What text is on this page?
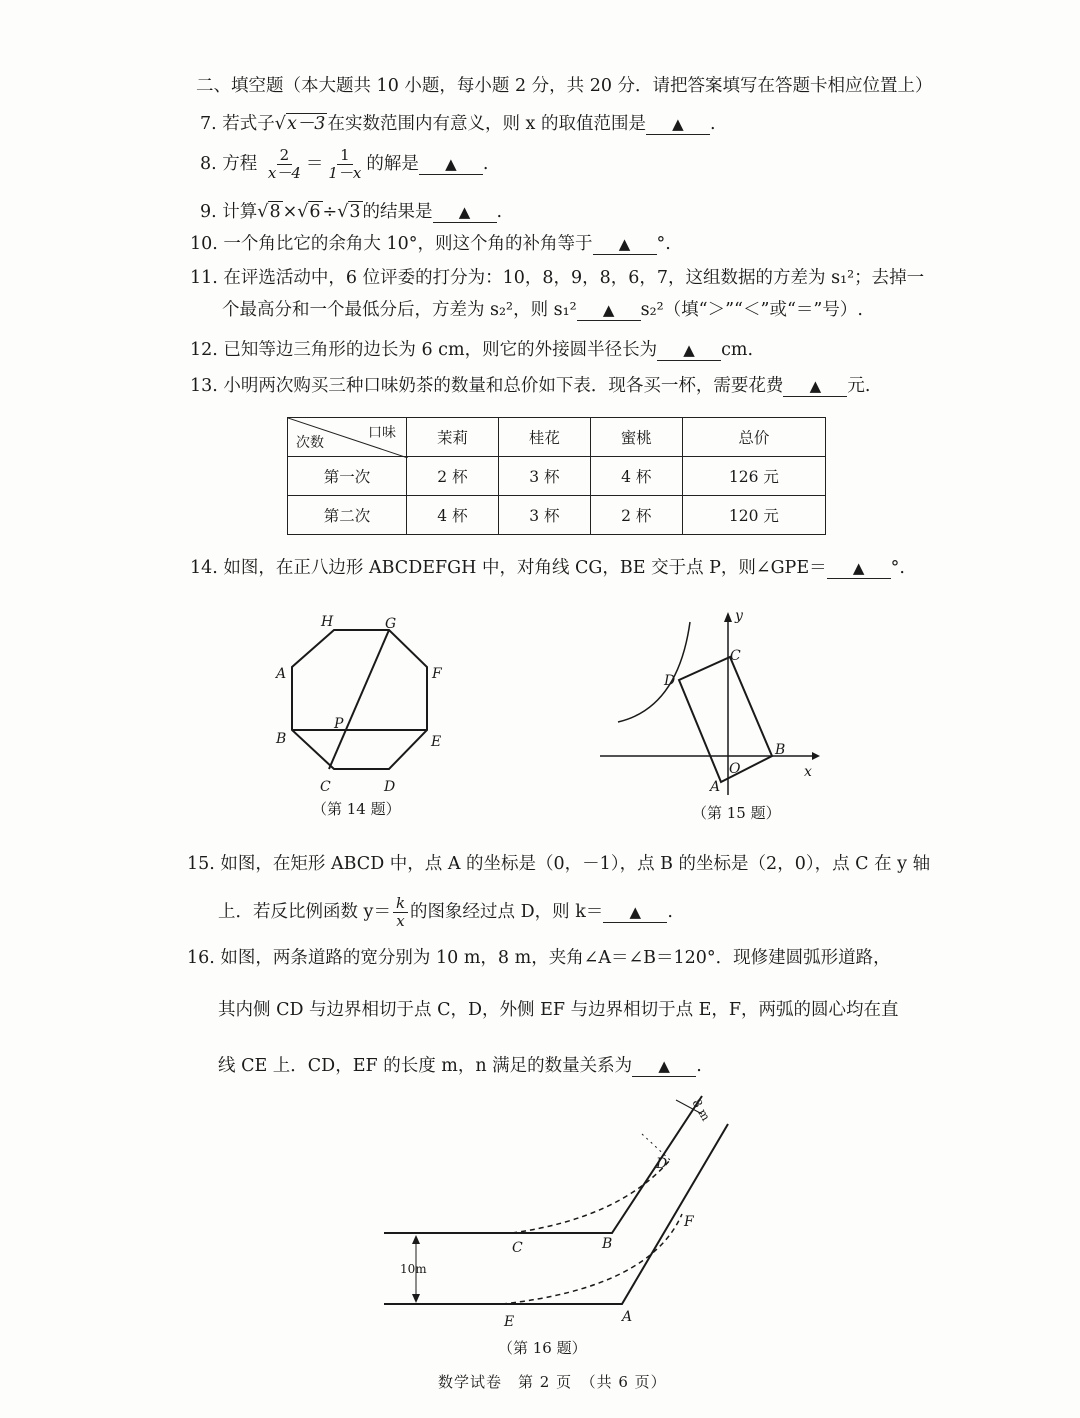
二、填空题（本大题共 10 小题，每小题 2 分，共 20 分．请把答案填写在答题卡相应位置上）
7. 若式子√x－3 在实数范围内有意义，则 x 的取值范围是 ▲ .
8. 方程 $\frac{2}{x-4} = \frac{1}{1-x}$ 的解是 ▲ .
9. 计算√8 ×√6 ÷√3 的结果是 ▲ .
10. 一个角比它的余角大 10°，则这个角的补角等于 ▲ °.
11. 在评选活动中，6 位评委的打分为：10，8，9，8，6，7，这组数据的方差为 s₁²；去掉一
个最高分和一个最低分后，方差为 s₂²，则 s₁² ▲ s₂²（填“＞”“＜”或“＝”号）.
12. 已知等边三角形的边长为 6 cm，则它的外接圆半径长为 ▲ cm.
13. 小明两次购买三种口味奶茶的数量和总价如下表．现各买一杯，需要花费 ▲ 元.
口味
次数	茉莉	桂花	蜜桃	总价
第一次	2 杯	3 杯	4 杯	126 元
第二次	4 杯	3 杯	2 杯	120 元
14. 如图，在正八边形 ABCDEFGH 中，对角线 CG，BE 交于点 P，则∠GPE＝ ▲ °.
H	G
A	F
P
B	E
C	D
（第 14 题）
y
C
D
B
O
A
x
（第 15 题）
15. 如图，在矩形 ABCD 中，点 A 的坐标是（0，－1），点 B 的坐标是（2，0），点 C 在 y 轴
上．若反比例函数 $y= \frac{k}{x}$ 的图象经过点 D，则 k＝ ▲ .
16. 如图，两条道路的宽分别为 10 m，8 m，夹角∠A＝∠B＝120°．现修建圆弧形道路，
其内侧 CD 与边界相切于点 C，D，外侧 EF 与边界相切于点 E，F，两弧的圆心均在直
线 CE 上．CD，EF 的长度 m，n 满足的数量关系为 ▲ .
10m
8 m
D
F
C	B
E	A
（第 16 题）
数学试卷　第 2 页　（共 6 页）
